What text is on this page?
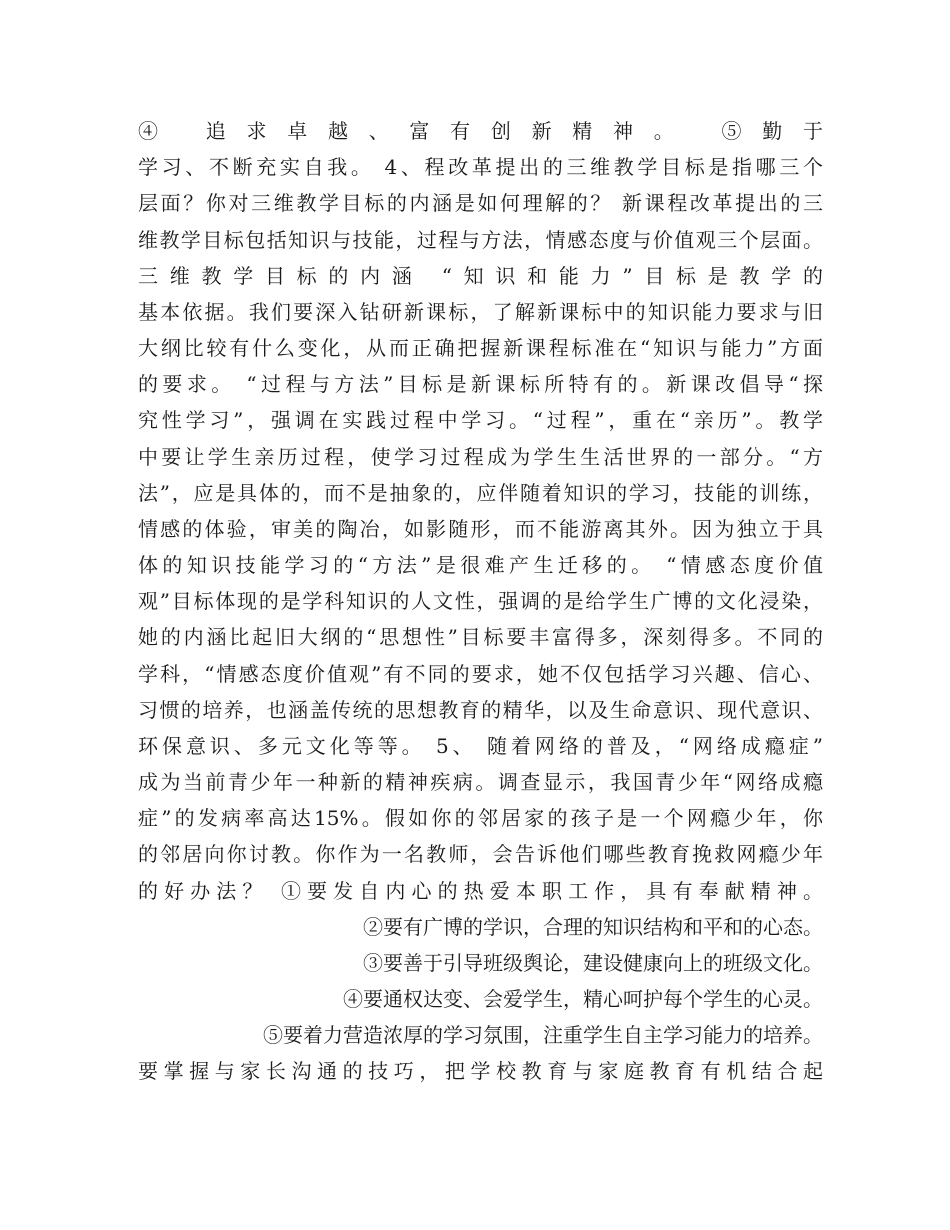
④ 追求卓越、富有创新精神。 ⑤勤于
学习、不断充实自我。 4、程改革提出的三维教学目标是指哪三个
层面？你对三维教学目标的内涵是如何理解的？ 新课程改革提出的三
维教学目标包括知识与技能，过程与方法，情感态度与价值观三个层面。
三维教学目标的内涵 “知识和能力”目标是教学的
基本依据。我们要深入钻研新课标，了解新课标中的知识能力要求与旧
大纲比较有什么变化，从而正确把握新课程标准在“知识与能力”方面
的要求。 “过程与方法”目标是新课标所特有的。新课改倡导“探
究性学习”，强调在实践过程中学习。“过程”，重在“亲历”。教学
中要让学生亲历过程，使学习过程成为学生生活世界的一部分。“方
法”，应是具体的，而不是抽象的，应伴随着知识的学习，技能的训练，
情感的体验，审美的陶冶，如影随形，而不能游离其外。因为独立于具
体的知识技能学习的“方法”是很难产生迁移的。 “情感态度价值
观”目标体现的是学科知识的人文性，强调的是给学生广博的文化浸染，
她的内涵比起旧大纲的“思想性”目标要丰富得多，深刻得多。不同的
学科，“情感态度价值观”有不同的要求，她不仅包括学习兴趣、信心、
习惯的培养，也涵盖传统的思想教育的精华，以及生命意识、现代意识、
环保意识、多元文化等等。 5、 随着网络的普及，“网络成瘾症”
成为当前青少年一种新的精神疾病。调查显示，我国青少年“网络成瘾
症”的发病率高达15%。假如你的邻居家的孩子是一个网瘾少年，你
的邻居向你讨教。你作为一名教师，会告诉他们哪些教育挽救网瘾少年
的好办法？ ①要发自内心的热爱本职工作，具有奉献精神。
②要有广博的学识，合理的知识结构和平和的心态。
③要善于引导班级舆论，建设健康向上的班级文化。
④要通权达变、会爱学生，精心呵护每个学生的心灵。
⑤要着力营造浓厚的学习氛围，注重学生自主学习能力的培养。
要掌握与家长沟通的技巧，把学校教育与家庭教育有机结合起
